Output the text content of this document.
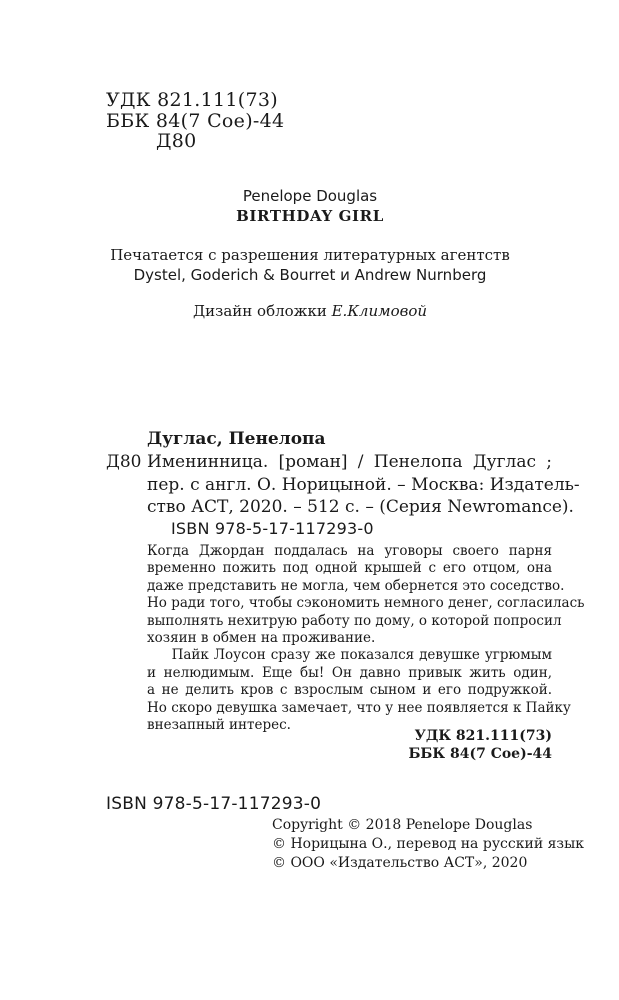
УДК 821.111(73)
ББК 84(7 Сое)-44
Д80
Penelope Douglas
BIRTHDAY GIRL
Печатается с разрешения литературных агентств
Dystel, Goderich & Bourret и Andrew Nurnberg
Дизайн обложки Е.Климовой
Дуглас, Пенелопа
Д80 Именинница. [роман] / Пенелопа Дуглас ;
пер. с англ. О. Норицыной. – Москва: Издатель-
ство АСТ, 2020. – 512 с. – (Серия Newromance).
ISBN 978-5-17-117293-0
Когда Джордан поддалась на уговоры своего парня
временно пожить под одной крышей с его отцом, она
даже представить не могла, чем обернется это соседство.
Но ради того, чтобы сэкономить немного денег, согласилась
выполнять нехитрую работу по дому, о которой попросил
хозяин в обмен на проживание.
Пайк Лоусон сразу же показался девушке угрюмым
и нелюдимым. Еще бы! Он давно привык жить один,
а не делить кров с взрослым сыном и его подружкой.
Но скоро девушка замечает, что у нее появляется к Пайку
внезапный интерес.
УДК 821.111(73)
ББК 84(7 Сое)-44
ISBN 978-5-17-117293-0
Copyright © 2018 Penelope Douglas
© Норицына О., перевод на русский язык
© ООО «Издательство АСТ», 2020
